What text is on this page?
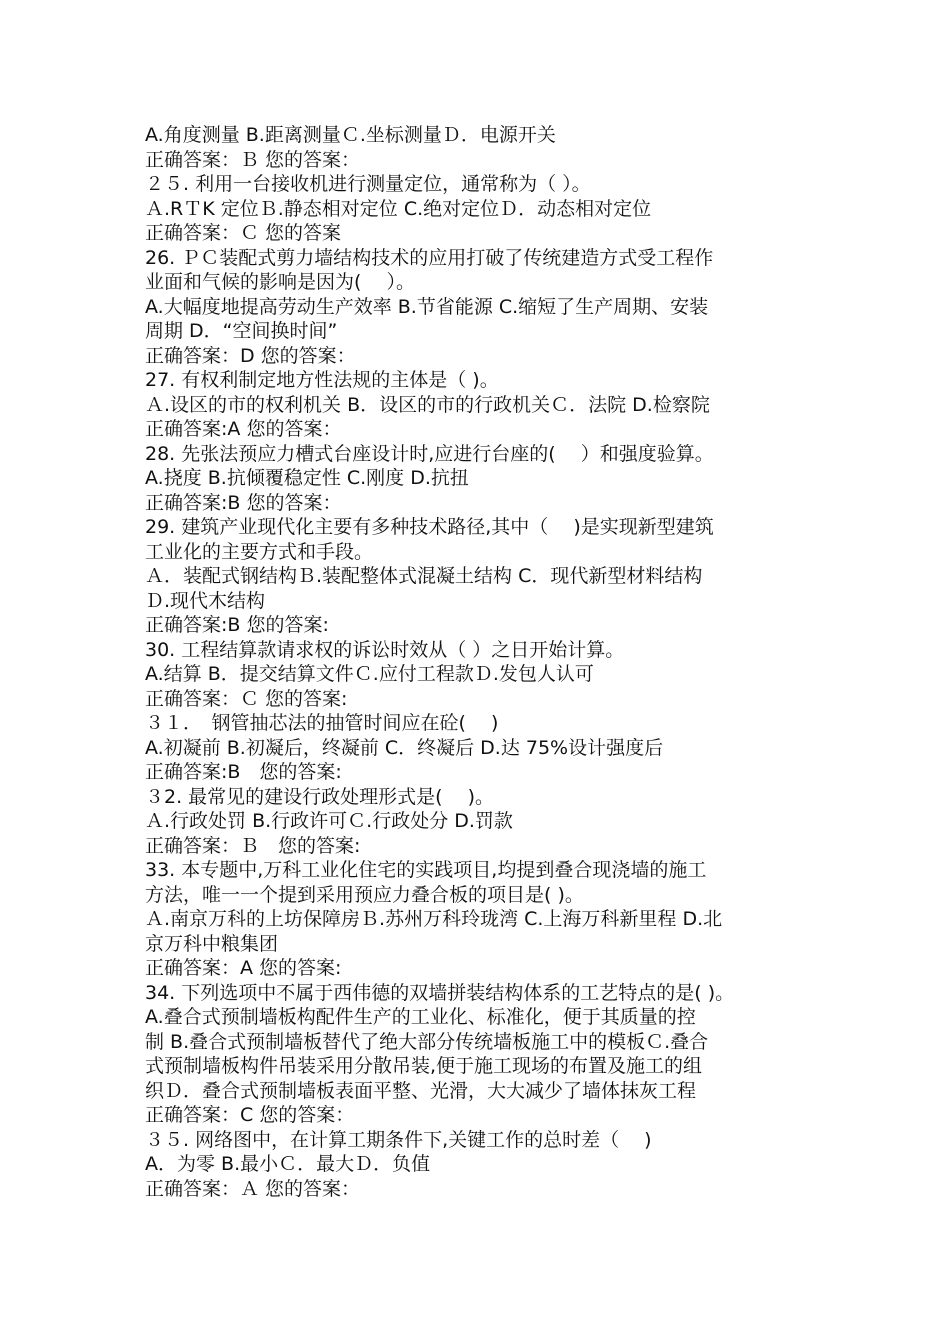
A.角度测量 B.距离测量Ｃ.坐标测量Ｄ．电源开关
正确答案：Ｂ 您的答案：
２５. 利用一台接收机进行测量定位，通常称为（ ）。
Ａ.RＴK 定位Ｂ.静态相对定位 C.绝对定位Ｄ．动态相对定位
正确答案：Ｃ 您的答案
26. ＰＣ装配式剪力墙结构技术的应用打破了传统建造方式受工程作
业面和气候的影响是因为(　 ）。
A.大幅度地提高劳动生产效率 B.节省能源 C.缩短了生产周期、安装
周期 D．“空间换时间”
正确答案：D 您的答案：
27. 有权利制定地方性法规的主体是（ )。
Ａ.设区的市的权利机关 B．设区的市的行政机关Ｃ．法院 D.检察院
正确答案:A 您的答案：
28. 先张法预应力槽式台座设计时,应进行台座的(　 ）和强度验算。
A.挠度 B.抗倾覆稳定性 C.刚度 D.抗扭
正确答案:B 您的答案：
29. 建筑产业现代化主要有多种技术路径,其中（　 )是实现新型建筑
工业化的主要方式和手段。
Ａ．装配式钢结构Ｂ.装配整体式混凝土结构 C．现代新型材料结构
Ｄ.现代木结构
正确答案:B 您的答案:
30. 工程结算款请求权的诉讼时效从（ ）之日开始计算。
A.结算 B．提交结算文件Ｃ.应付工程款Ｄ.发包人认可
正确答案：Ｃ 您的答案:
３１．　钢管抽芯法的抽管时间应在砼(　 )
A.初凝前 B.初凝后，终凝前 C．终凝后 D.达 75%设计强度后
正确答案:B　您的答案:
３2. 最常见的建设行政处理形式是(　 )。
Ａ.行政处罚 B.行政许可Ｃ.行政处分 D.罚款
正确答案：Ｂ　您的答案:
33. 本专题中,万科工业化住宅的实践项目,均提到叠合现浇墙的施工
方法，唯一一个提到采用预应力叠合板的项目是( )。
Ａ.南京万科的上坊保障房Ｂ.苏州万科玲珑湾 C.上海万科新里程 D.北
京万科中粮集团
正确答案：A 您的答案:
34. 下列选项中不属于西伟德的双墙拼装结构体系的工艺特点的是( )。
A.叠合式预制墙板构配件生产的工业化、标准化，便于其质量的控
制 B.叠合式预制墙板替代了绝大部分传统墙板施工中的模板Ｃ.叠合
式预制墙板构件吊装采用分散吊装,便于施工现场的布置及施工的组
织Ｄ．叠合式预制墙板表面平整、光滑，大大减少了墙体抹灰工程
正确答案：C 您的答案：
３５. 网络图中，在计算工期条件下,关键工作的总时差（　 )
A．为零 B.最小Ｃ．最大Ｄ．负值
正确答案：Ａ 您的答案：
